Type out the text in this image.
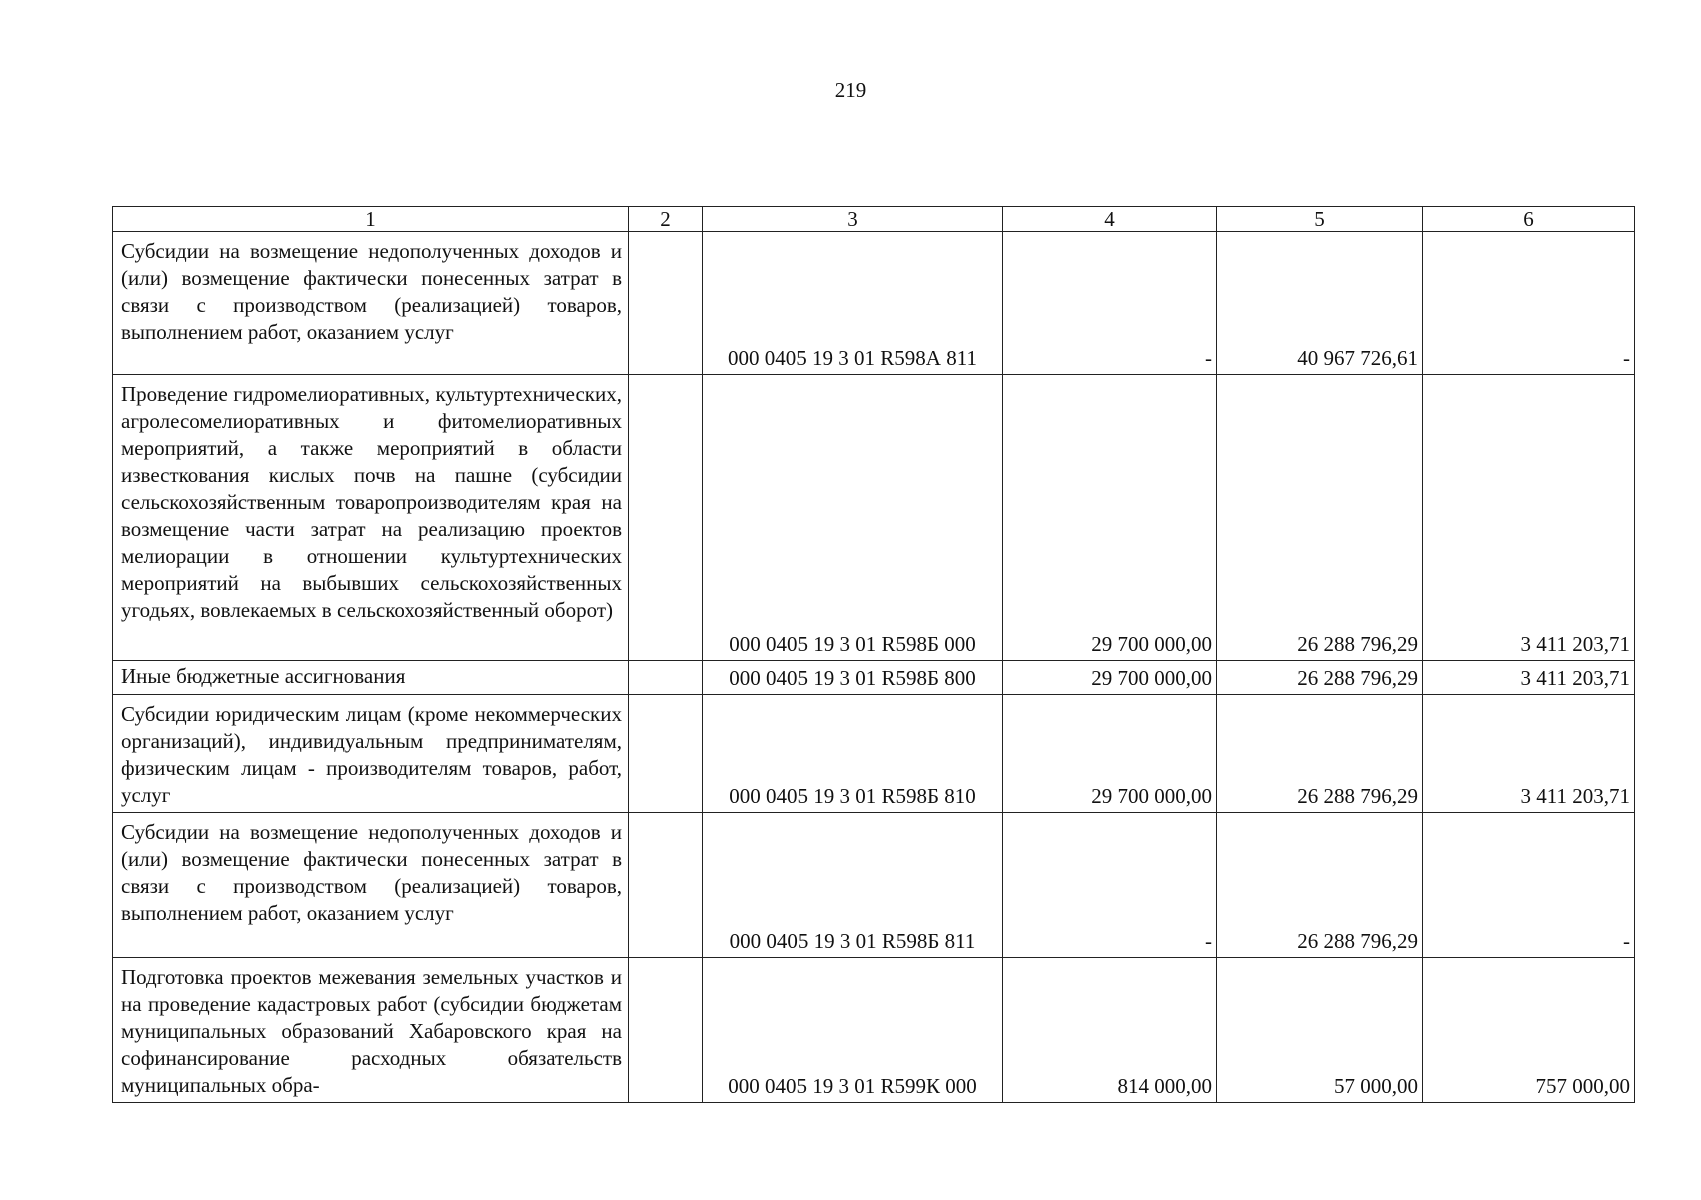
219
1	2	3	4	5	6
Субсидии на возмещение недополученных доходов и (или) возмещение фактически понесенных затрат в связи с производством (реализацией) товаров, выполнением работ, оказанием услуг		000 0405 19 3 01 R598А 811	-	40 967 726,61	-
Проведение гидромелиоративных, культуртехнических, агролесомелиоративных и фитомелиоративных мероприятий, а также мероприятий в области известкования кислых почв на пашне (субсидии сельскохозяйственным товаропроизводителям края на возмещение части затрат на реализацию проектов мелиорации в отношении культуртехнических мероприятий на выбывших сельскохозяйственных угодьях, вовлекаемых в сельскохозяйственный оборот)		000 0405 19 3 01 R598Б 000	29 700 000,00	26 288 796,29	3 411 203,71
Иные бюджетные ассигнования		000 0405 19 3 01 R598Б 800	29 700 000,00	26 288 796,29	3 411 203,71
Субсидии юридическим лицам (кроме некоммерческих организаций), индивидуальным предпринимателям, физическим лицам - производителям товаров, работ, услуг		000 0405 19 3 01 R598Б 810	29 700 000,00	26 288 796,29	3 411 203,71
Субсидии на возмещение недополученных доходов и (или) возмещение фактически понесенных затрат в связи с производством (реализацией) товаров, выполнением работ, оказанием услуг		000 0405 19 3 01 R598Б 811	-	26 288 796,29	-
Подготовка проектов межевания земельных участков и на проведение кадастровых работ (субсидии бюджетам муниципальных образований Хабаровского края на софинансирование расходных обязательств муниципальных обра-		000 0405 19 3 01 R599К 000	814 000,00	57 000,00	757 000,00
